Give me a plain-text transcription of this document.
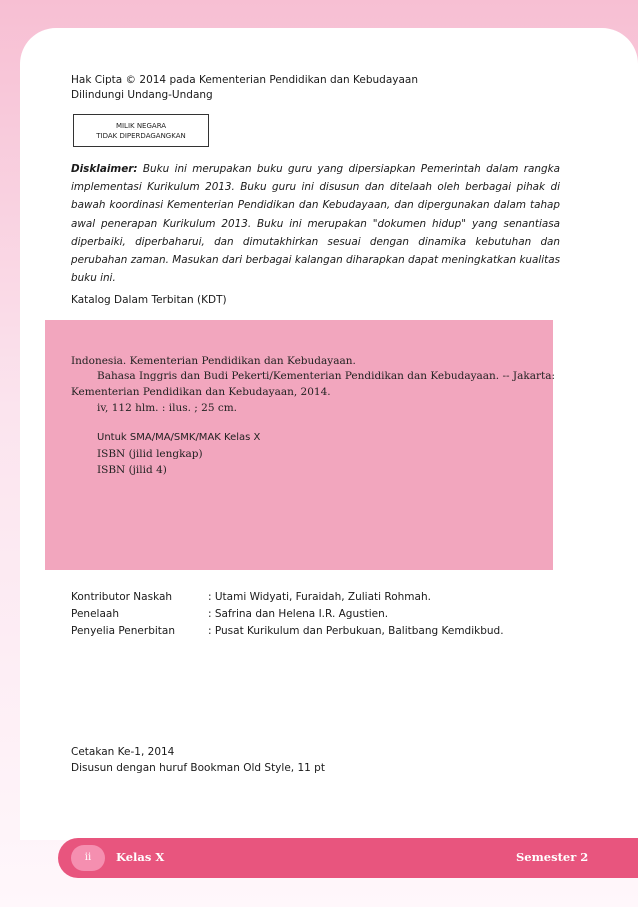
Hak Cipta © 2014 pada Kementerian Pendidikan dan Kebudayaan
Dilindungi Undang-Undang
MILIK NEGARA
TIDAK DIPERDAGANGKAN
Disklaimer: Buku ini merupakan buku guru yang dipersiapkan Pemerintah dalam rangka implementasi Kurikulum 2013. Buku guru ini disusun dan ditelaah oleh berbagai pihak di bawah koordinasi Kementerian Pendidikan dan Kebudayaan, dan dipergunakan dalam tahap awal penerapan Kurikulum 2013. Buku ini merupakan "dokumen hidup" yang senantiasa diperbaiki, diperbaharui, dan dimutakhirkan sesuai dengan dinamika kebutuhan dan perubahan zaman. Masukan dari berbagai kalangan diharapkan dapat meningkatkan kualitas buku ini.
Katalog Dalam Terbitan (KDT)
Indonesia. Kementerian Pendidikan dan Kebudayaan.
Bahasa Inggris dan Budi Pekerti/Kementerian Pendidikan dan Kebudayaan. -- Jakarta:
Kementerian Pendidikan dan Kebudayaan, 2014.
iv, 112 hlm. : ilus. ; 25 cm.
Untuk SMA/MA/SMK/MAK Kelas X
ISBN (jilid lengkap)
ISBN (jilid 4)
Kontributor Naskah	: Utami Widyati, Furaidah, Zuliati Rohmah.
Penelaah	: Safrina dan Helena I.R. Agustien.
Penyelia Penerbitan	: Pusat Kurikulum dan Perbukuan, Balitbang Kemdikbud.
Cetakan Ke-1, 2014
Disusun dengan huruf Bookman Old Style, 11 pt
ii	Kelas X	Semester 2
